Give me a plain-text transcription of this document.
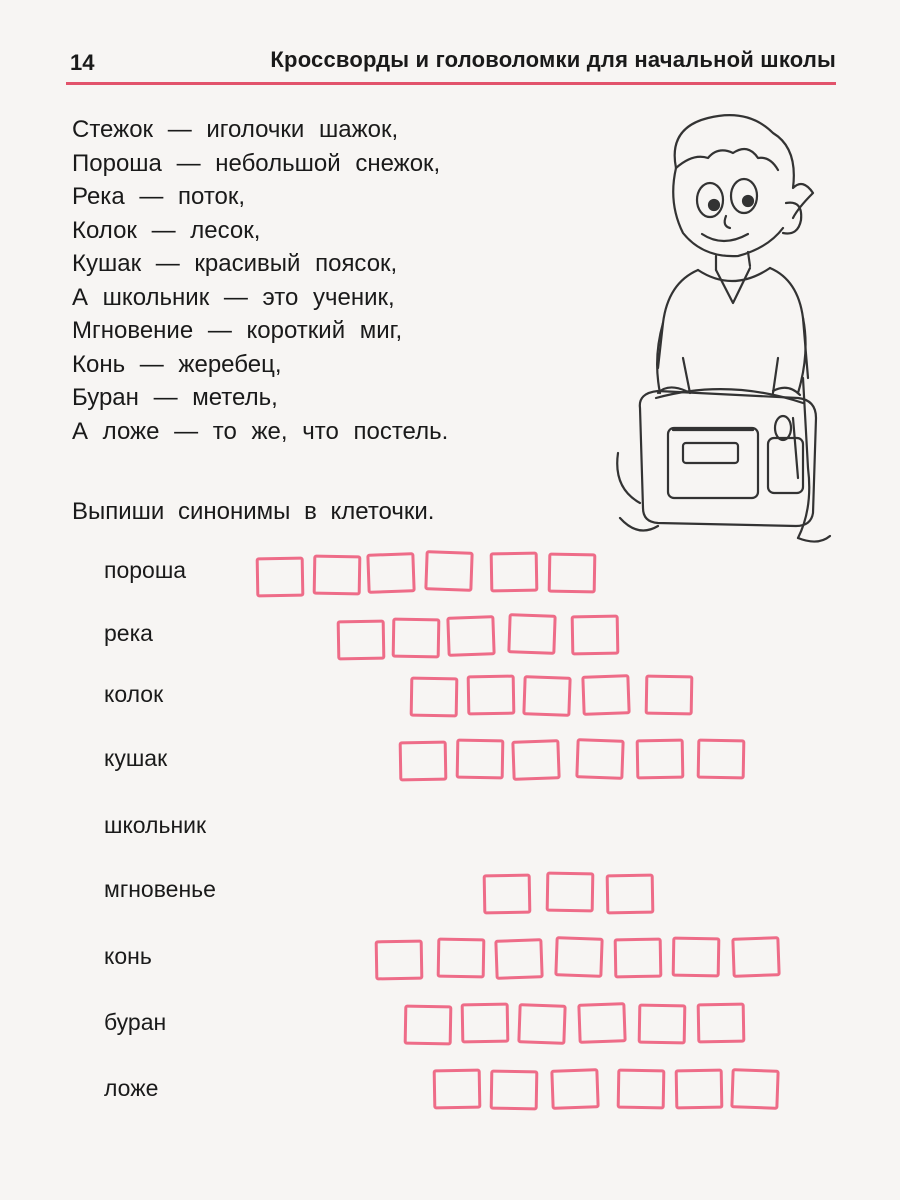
14	Кроссворды и головоломки для начальной школы
Стежок — иголочки шажок,
Пороша — небольшой снежок,
Река — поток,
Колок — лесок,
Кушак — красивый поясок,
А школьник — это ученик,
Мгновение — короткий миг,
Конь — жеребец,
Буран — метель,
А ложе — то же, что постель.
Выпиши синонимы в клеточки.
пороша
река
колок
кушак
школьник
мгновенье
конь
буран
ложе
